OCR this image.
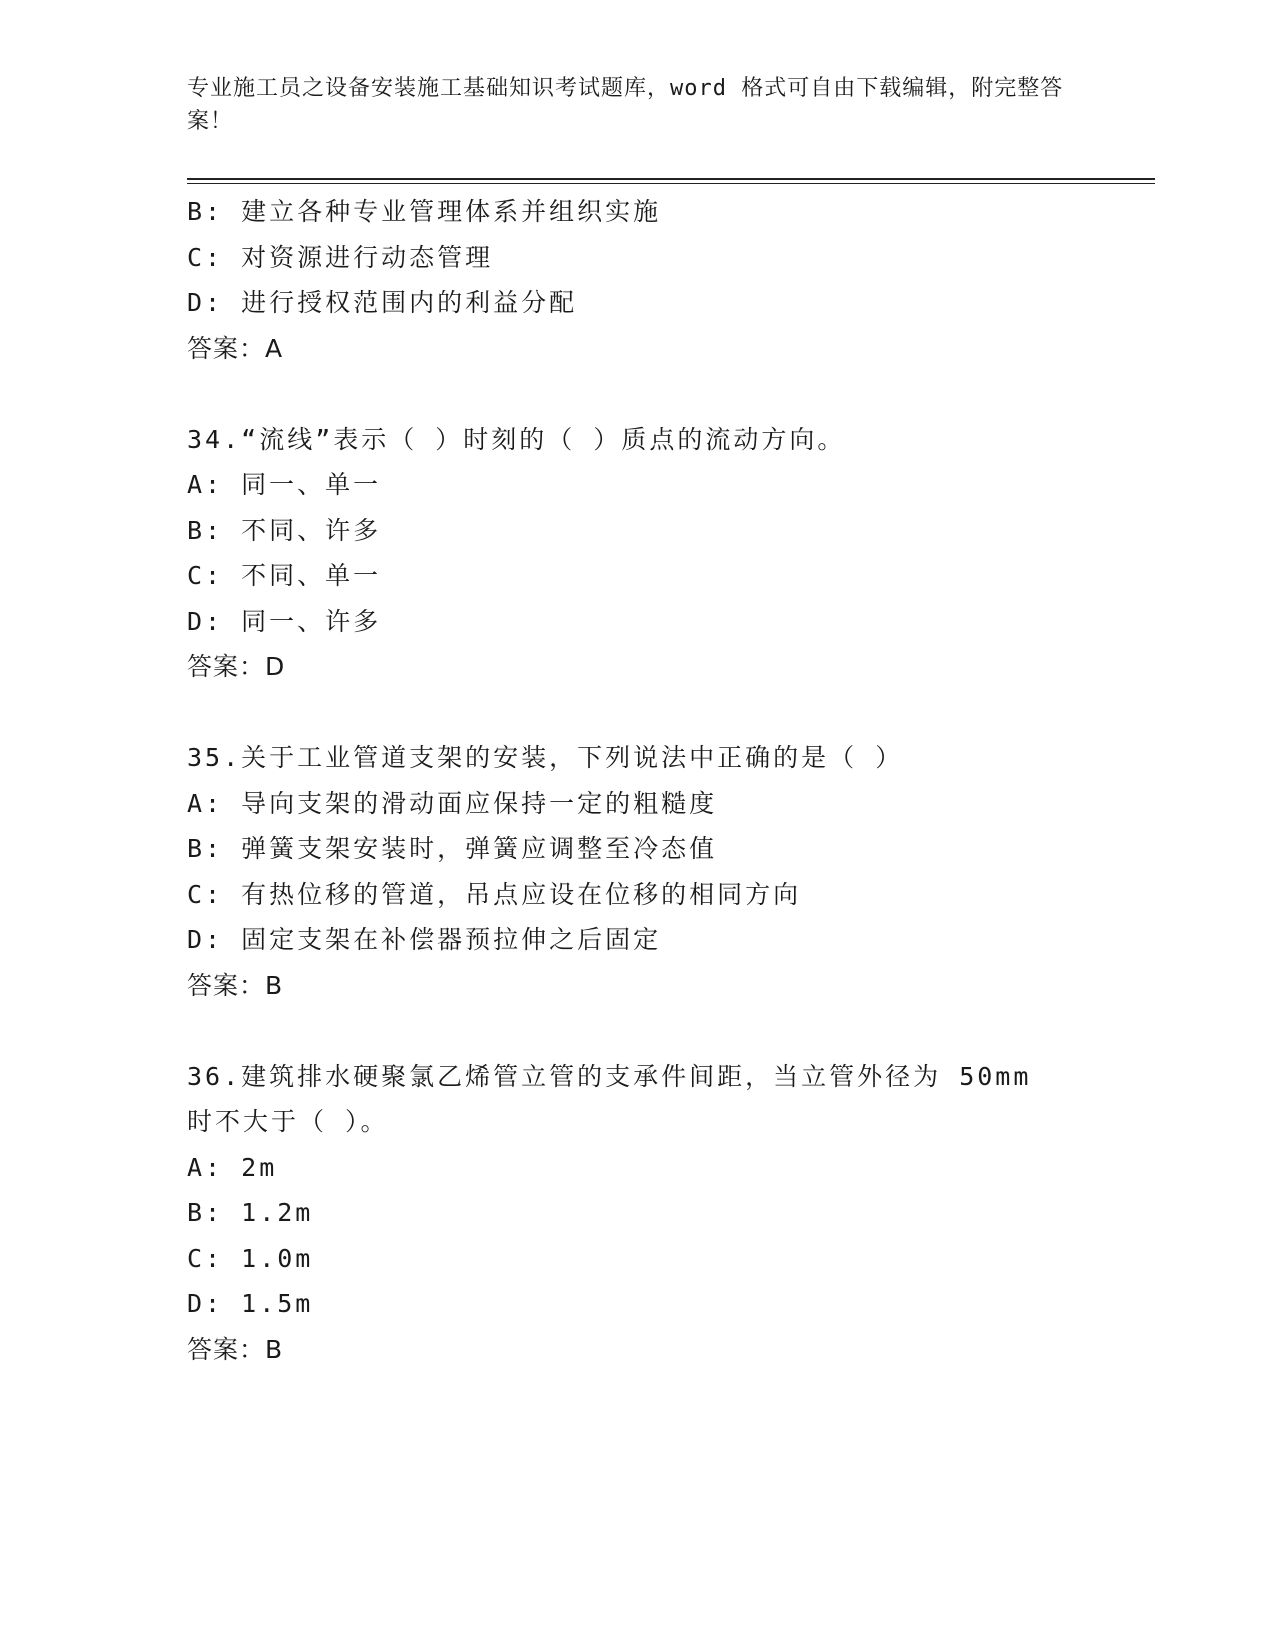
专业施工员之设备安装施工基础知识考试题库，word 格式可自由下载编辑，附完整答案！
B: 建立各种专业管理体系并组织实施
C: 对资源进行动态管理
D: 进行授权范围内的利益分配
答案：A
34.“流线”表示（ ）时刻的（ ）质点的流动方向。
A: 同一、单一
B: 不同、许多
C: 不同、单一
D: 同一、许多
答案：D
35.关于工业管道支架的安装，下列说法中正确的是（ ）
A: 导向支架的滑动面应保持一定的粗糙度
B: 弹簧支架安装时，弹簧应调整至冷态值
C: 有热位移的管道，吊点应设在位移的相同方向
D: 固定支架在补偿器预拉伸之后固定
答案：B
36.建筑排水硬聚氯乙烯管立管的支承件间距，当立管外径为 50mm 时不大于（ ）。
A: 2m
B: 1.2m
C: 1.0m
D: 1.5m
答案：B
